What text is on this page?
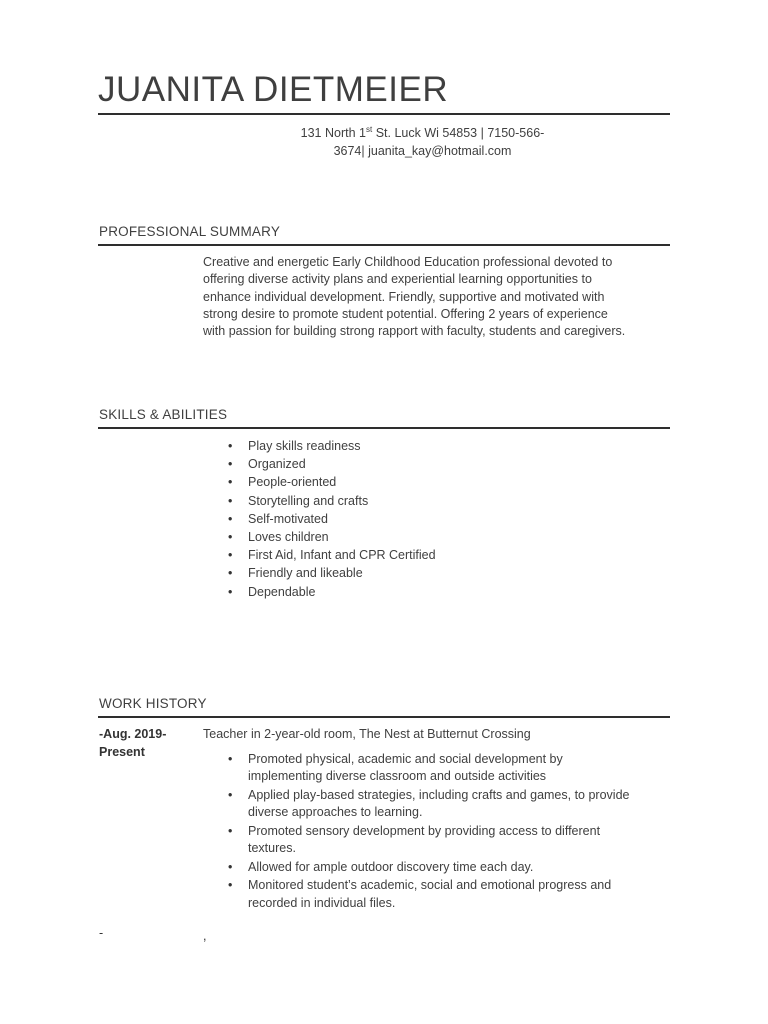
JUANITA DIETMEIER
131 North 1st St. Luck Wi 54853 | 7150-566-
3674| juanita_kay@hotmail.com
PROFESSIONAL SUMMARY
Creative and energetic Early Childhood Education professional devoted to offering diverse activity plans and experiential learning opportunities to enhance individual development. Friendly, supportive and motivated with strong desire to promote student potential. Offering 2 years of experience with passion for building strong rapport with faculty, students and caregivers.
SKILLS & ABILITIES
• Play skills readiness
• Organized
• People-oriented
• Storytelling and crafts
• Self-motivated
• Loves children
• First Aid, Infant and CPR Certified
• Friendly and likeable
• Dependable
WORK HISTORY
-Aug. 2019-Present
Teacher in 2-year-old room, The Nest at Butternut Crossing
• Promoted physical, academic and social development by implementing diverse classroom and outside activities
• Applied play-based strategies, including crafts and games, to provide diverse approaches to learning.
• Promoted sensory development by providing access to different textures.
• Allowed for ample outdoor discovery time each day.
• Monitored student’s academic, social and emotional progress and recorded in individual files.
-	,
